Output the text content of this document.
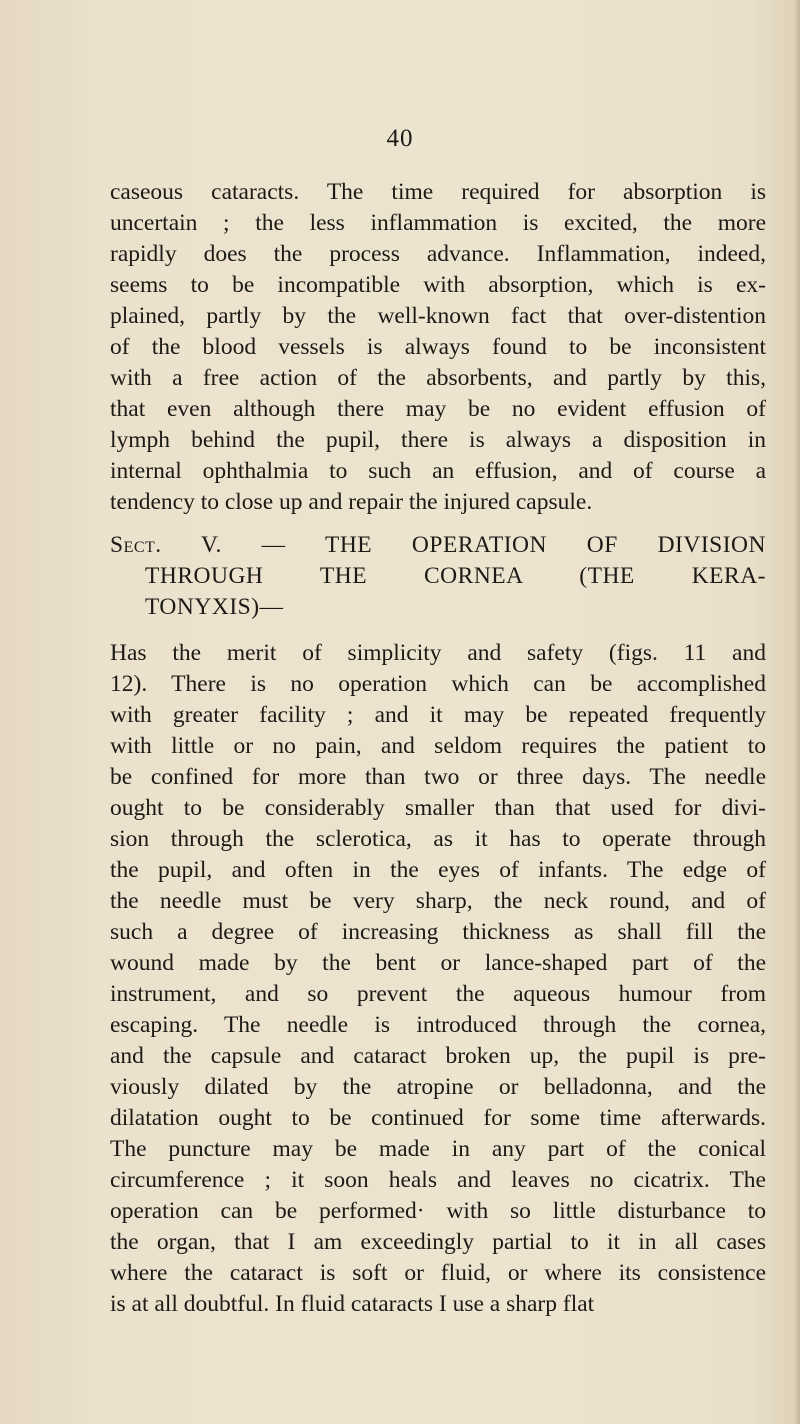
40
caseous cataracts. The time required for absorption is
uncertain ; the less inflammation is excited, the more
rapidly does the process advance. Inflammation, indeed,
seems to be incompatible with absorption, which is ex-
plained, partly by the well-known fact that over-distention
of the blood vessels is always found to be inconsistent
with a free action of the absorbents, and partly by this,
that even although there may be no evident effusion of
lymph behind the pupil, there is always a disposition in
internal ophthalmia to such an effusion, and of course a
tendency to close up and repair the injured capsule.
Sect. V. — THE OPERATION OF DIVISION
THROUGH THE CORNEA (THE KERA-
TONYXIS)—
Has the merit of simplicity and safety (figs. 11 and
12). There is no operation which can be accomplished
with greater facility ; and it may be repeated frequently
with little or no pain, and seldom requires the patient to
be confined for more than two or three days. The needle
ought to be considerably smaller than that used for divi-
sion through the sclerotica, as it has to operate through
the pupil, and often in the eyes of infants. The edge of
the needle must be very sharp, the neck round, and of
such a degree of increasing thickness as shall fill the
wound made by the bent or lance-shaped part of the
instrument, and so prevent the aqueous humour from
escaping. The needle is introduced through the cornea,
and the capsule and cataract broken up, the pupil is pre-
viously dilated by the atropine or belladonna, and the
dilatation ought to be continued for some time afterwards.
The puncture may be made in any part of the conical
circumference ; it soon heals and leaves no cicatrix. The
operation can be performed· with so little disturbance to
the organ, that I am exceedingly partial to it in all cases
where the cataract is soft or fluid, or where its consistence
is at all doubtful. In fluid cataracts I use a sharp flat
